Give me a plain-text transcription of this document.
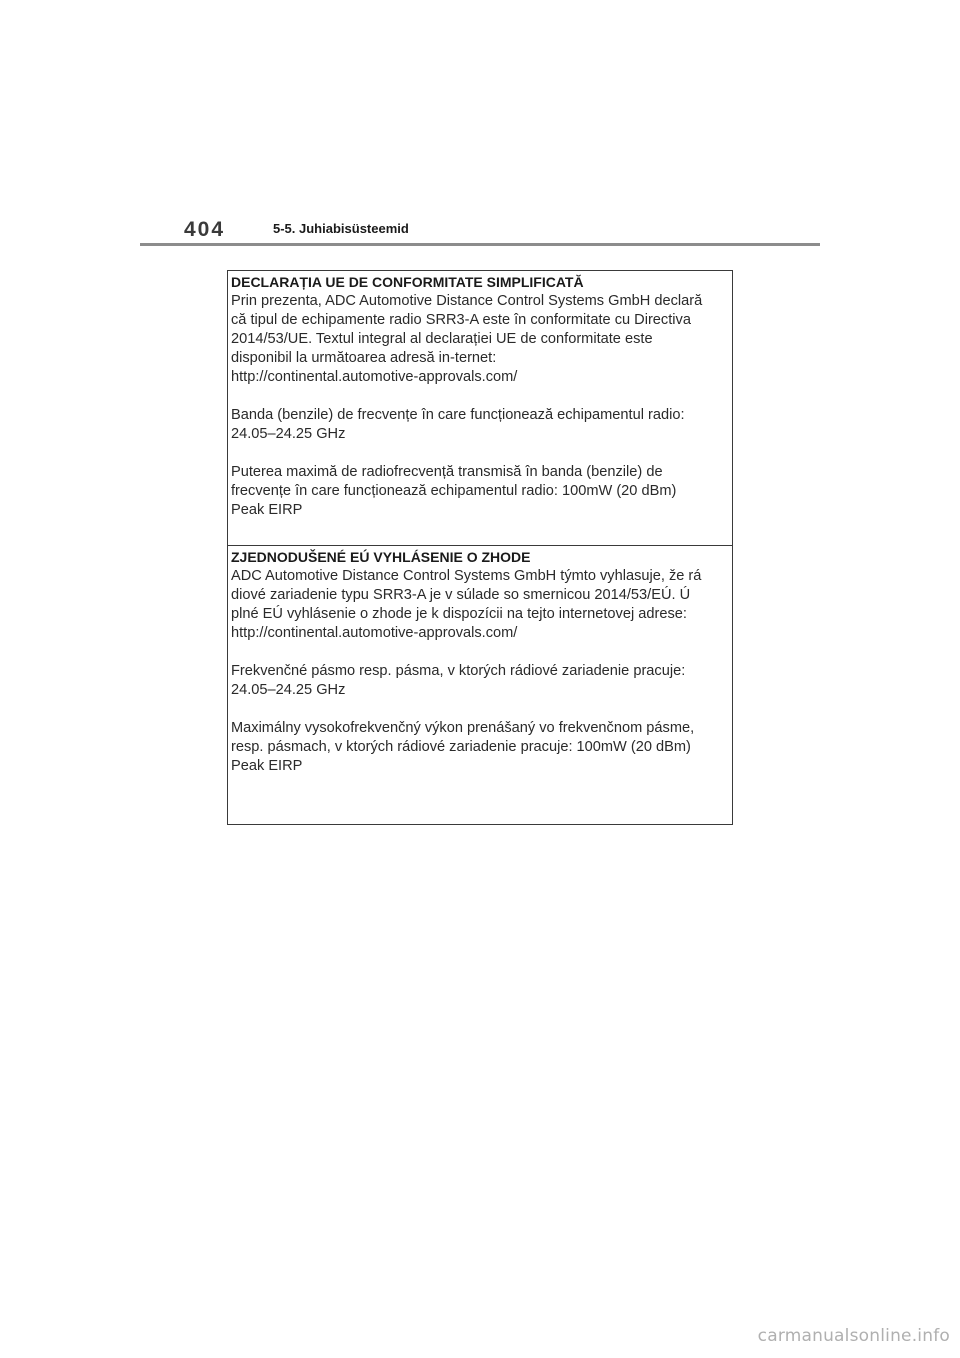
404	5-5. Juhiabisüsteemid

DECLARAȚIA UE DE CONFORMITATE SIMPLIFICATĂ

Prin prezenta, ADC Automotive Distance Control Systems GmbH declară
că tipul de echipamente radio SRR3-A este în conformitate cu Directiva
2014/53/UE. Textul integral al declarației UE de conformitate este
disponibil la următoarea adresă in-ternet:
http://continental.automotive-approvals.com/

Banda (benzile) de frecvențe în care funcționează echipamentul radio:
24.05–24.25 GHz

Puterea maximă de radiofrecvență transmisă în banda (benzile) de
frecvențe în care funcționează echipamentul radio: 100mW (20 dBm)
Peak EIRP

ZJEDNODUŠENÉ EÚ VYHLÁSENIE O ZHODE

ADC Automotive Distance Control Systems GmbH týmto vyhlasuje, že rá
diové zariadenie typu SRR3-A je v súlade so smernicou 2014/53/EÚ. Ú
plné EÚ vyhlásenie o zhode je k dispozícii na tejto internetovej adrese:
http://continental.automotive-approvals.com/

Frekvenčné pásmo resp. pásma, v ktorých rádiové zariadenie pracuje:
24.05–24.25 GHz

Maximálny vysokofrekvenčný výkon prenášaný vo frekvenčnom pásme,
resp. pásmach, v ktorých rádiové zariadenie pracuje: 100mW (20 dBm)
Peak EIRP

carmanualsonline.info
